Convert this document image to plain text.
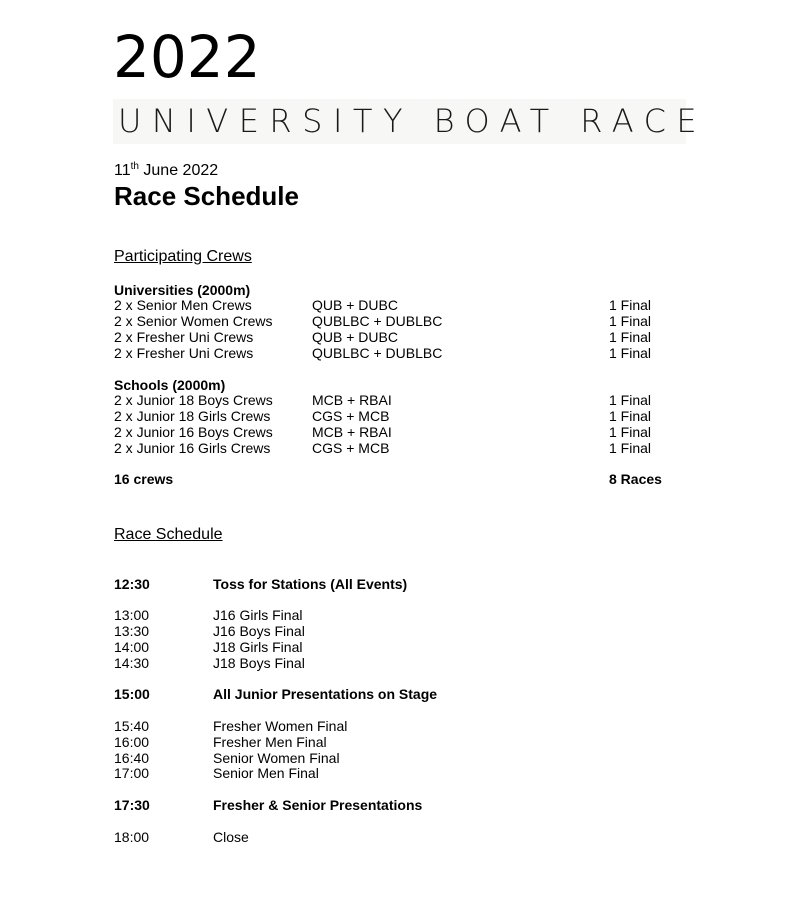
2022
UNIVERSITY BOAT RACE
11th June 2022
Race Schedule
Participating Crews
Universities (2000m)
2 x Senior Men Crews	QUB + DUBC	1 Final
2 x Senior Women Crews	QUBLBC + DUBLBC	1 Final
2 x Fresher Uni Crews	QUB + DUBC	1 Final
2 x Fresher Uni Crews	QUBLBC + DUBLBC	1 Final
Schools (2000m)
2 x Junior 18 Boys Crews	MCB + RBAI	1 Final
2 x Junior 18 Girls Crews	CGS + MCB	1 Final
2 x Junior 16 Boys Crews	MCB + RBAI	1 Final
2 x Junior 16 Girls Crews	CGS + MCB	1 Final
16 crews	8 Races
Race Schedule
12:30	Toss for Stations (All Events)
13:00	J16 Girls Final
13:30	J16 Boys Final
14:00	J18 Girls Final
14:30	J18 Boys Final
15:00	All Junior Presentations on Stage
15:40	Fresher Women Final
16:00	Fresher Men Final
16:40	Senior Women Final
17:00	Senior Men Final
17:30	Fresher & Senior Presentations
18:00	Close
